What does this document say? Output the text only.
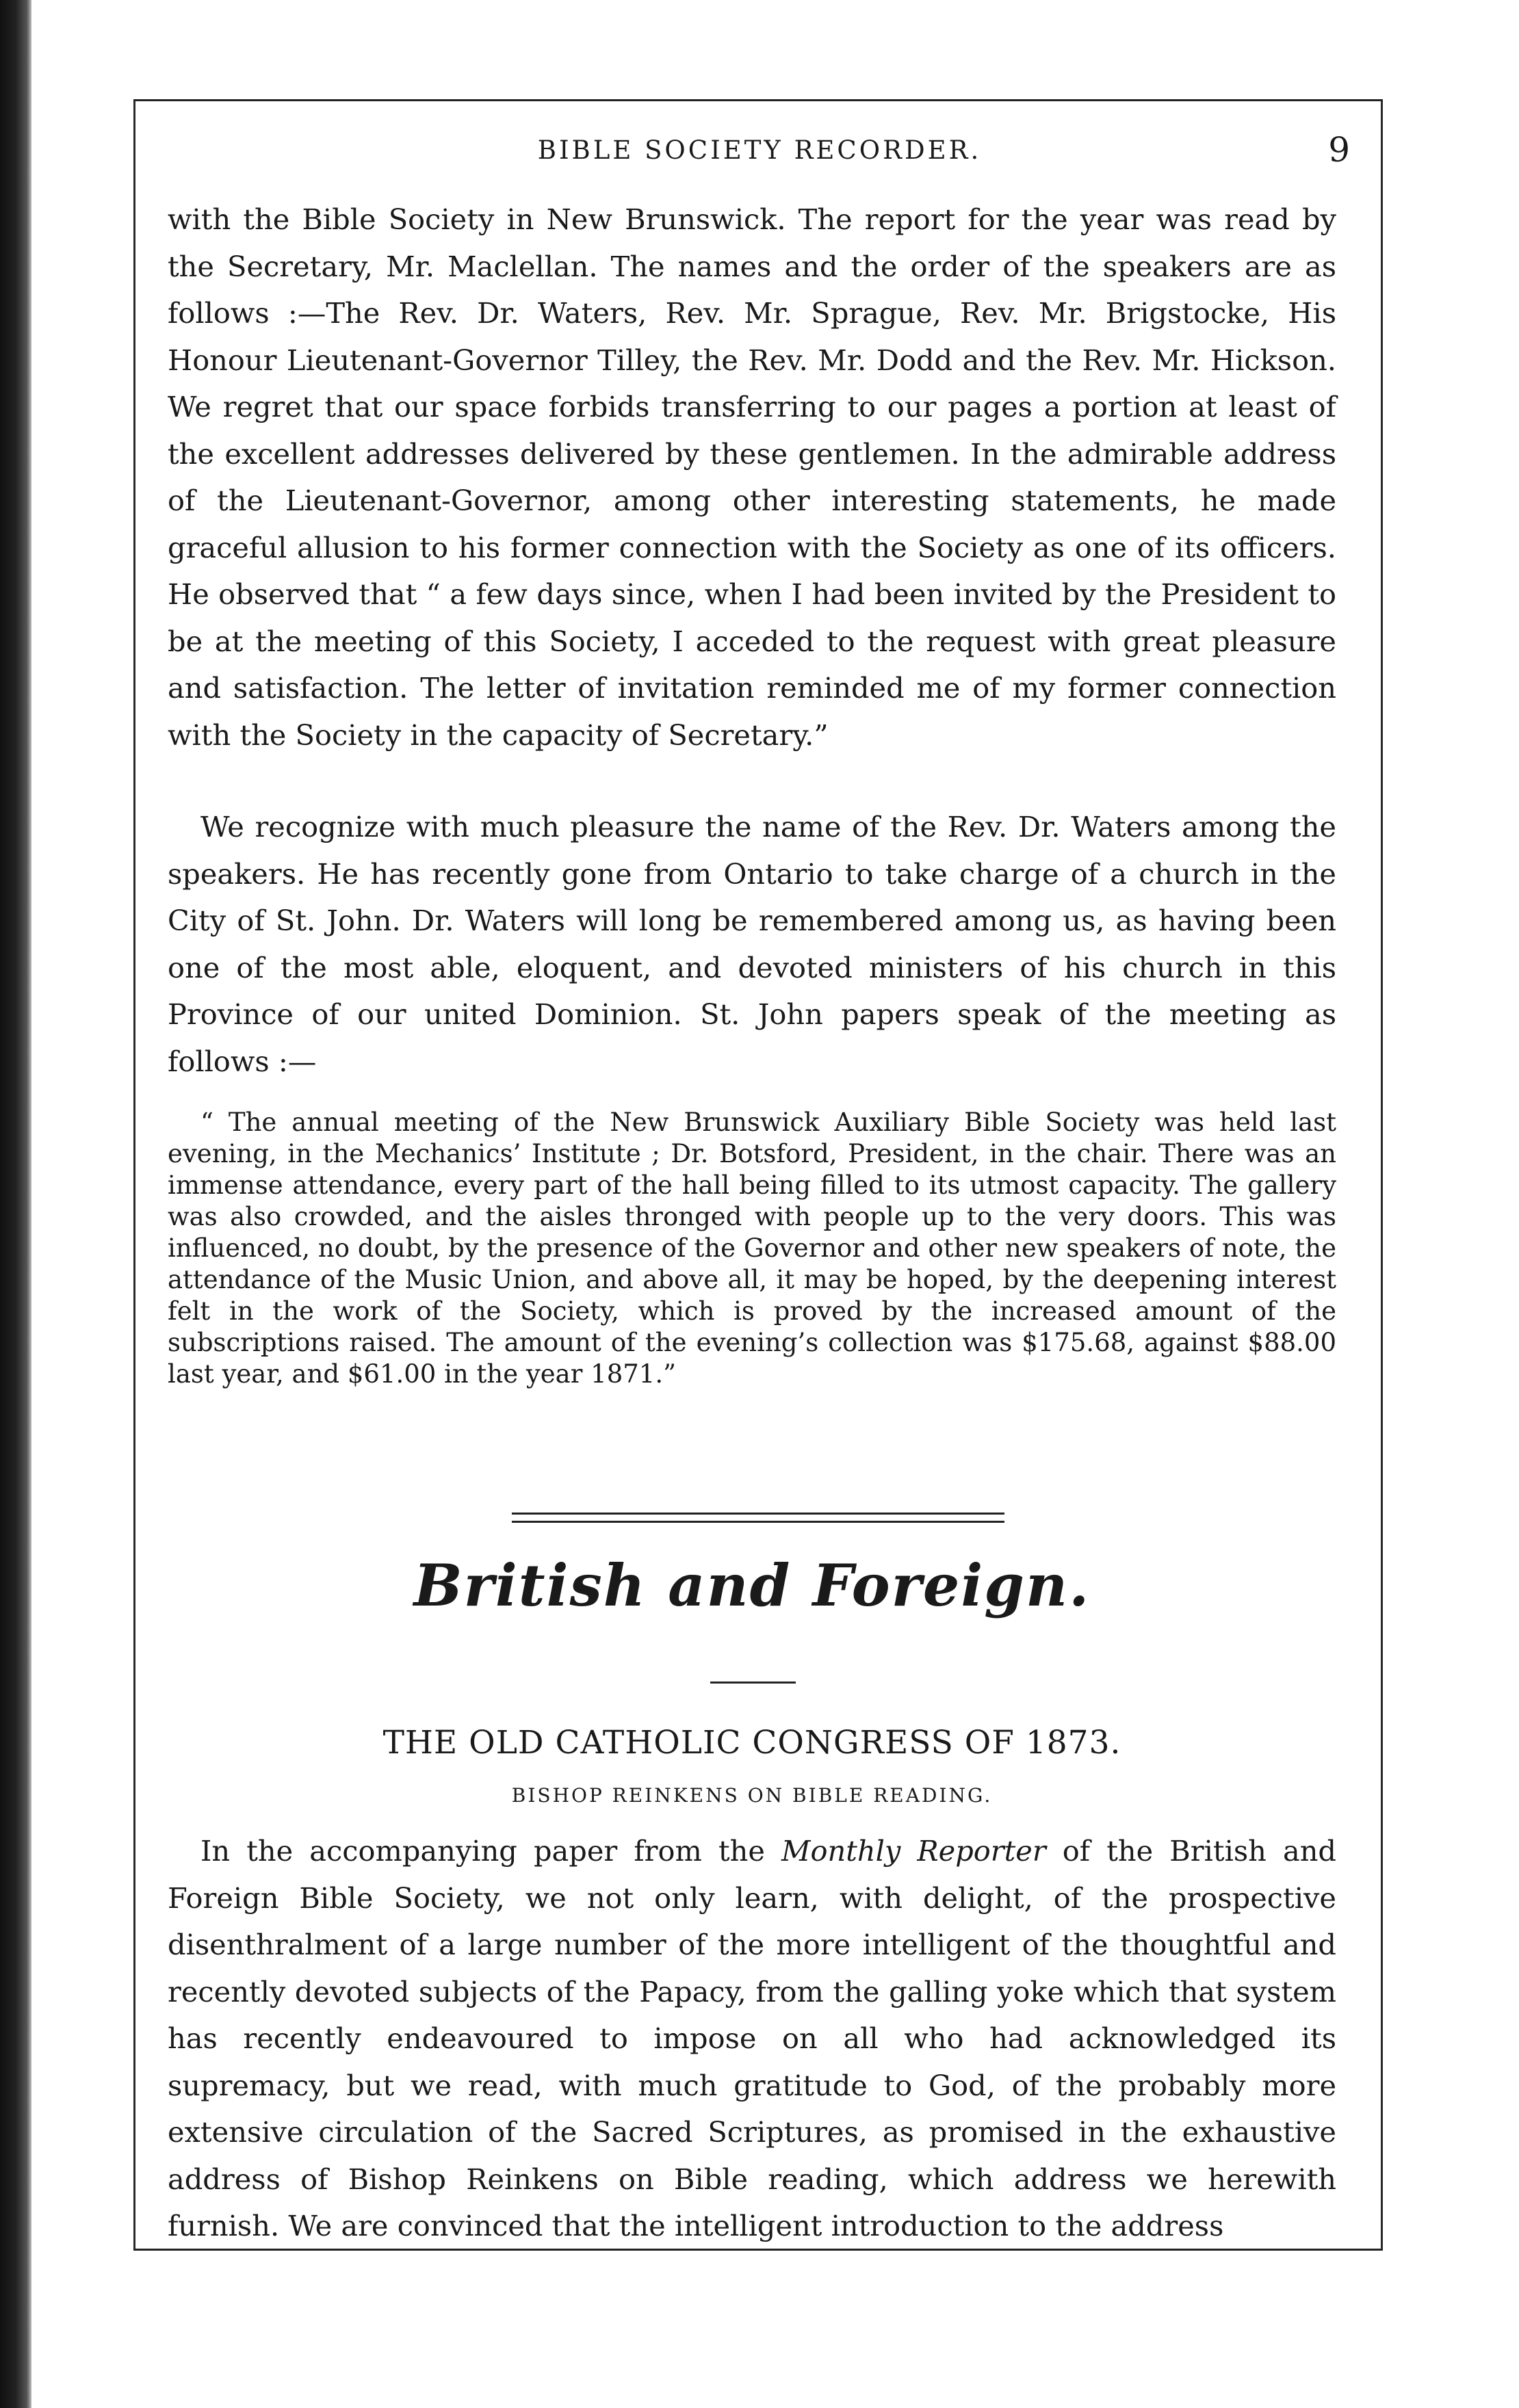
BIBLE SOCIETY RECORDER.	9

with the Bible Society in New Brunswick. The report for the year was read by the Secretary, Mr. Maclellan. The names and the order of the speakers are as follows :—The Rev. Dr. Waters, Rev. Mr. Sprague, Rev. Mr. Brigstocke, His Honour Lieutenant-Governor Tilley, the Rev. Mr. Dodd and the Rev. Mr. Hickson. We regret that our space forbids transferring to our pages a portion at least of the excellent addresses delivered by these gentlemen. In the admirable address of the Lieutenant-Governor, among other interesting statements, he made graceful allusion to his former connection with the Society as one of its officers. He observed that “ a few days since, when I had been invited by the President to be at the meeting of this Society, I acceded to the request with great pleasure and satisfaction. The letter of invitation reminded me of my former connection with the Society in the capacity of Secretary.”

We recognize with much pleasure the name of the Rev. Dr. Waters among the speakers. He has recently gone from Ontario to take charge of a church in the City of St. John. Dr. Waters will long be remembered among us, as having been one of the most able, eloquent, and devoted ministers of his church in this Province of our united Dominion. St. John papers speak of the meeting as follows :—

“ The annual meeting of the New Brunswick Auxiliary Bible Society was held last evening, in the Mechanics’ Institute ; Dr. Botsford, President, in the chair. There was an immense attendance, every part of the hall being filled to its utmost capacity. The gallery was also crowded, and the aisles thronged with people up to the very doors. This was influenced, no doubt, by the presence of the Governor and other new speakers of note, the attendance of the Music Union, and above all, it may be hoped, by the deepening interest felt in the work of the Society, which is proved by the increased amount of the subscriptions raised. The amount of the evening’s collection was $175.68, against $88.00 last year, and $61.00 in the year 1871.”
British and Foreign.
THE OLD CATHOLIC CONGRESS OF 1873.
BISHOP REINKENS ON BIBLE READING.

In the accompanying paper from the Monthly Reporter of the British and Foreign Bible Society, we not only learn, with delight, of the prospective disenthralment of a large number of the more intelligent of the thoughtful and recently devoted subjects of the Papacy, from the galling yoke which that system has recently endeavoured to impose on all who had acknowledged its supremacy, but we read, with much gratitude to God, of the probably more extensive circulation of the Sacred Scriptures, as promised in the exhaustive address of Bishop Reinkens on Bible reading, which address we herewith furnish. We are convinced that the intelligent introduction to the address
